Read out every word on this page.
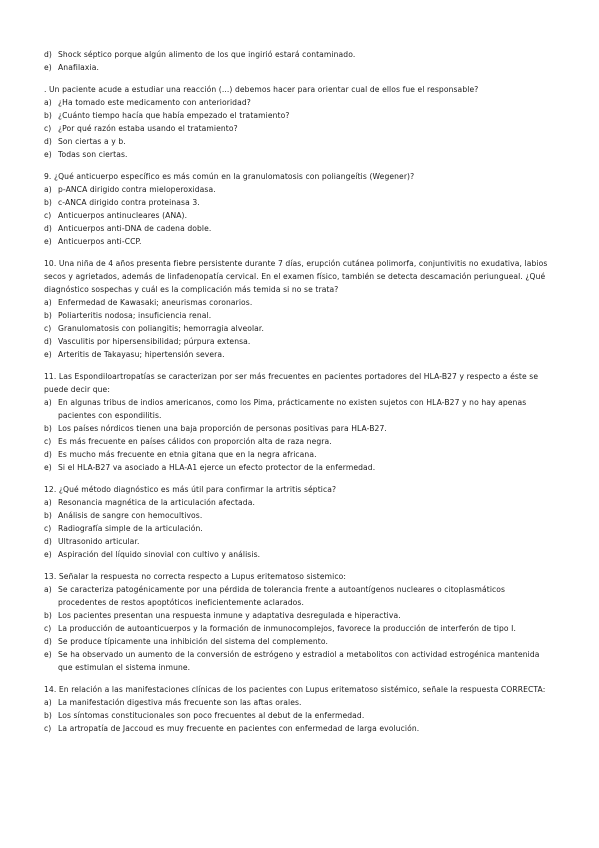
d) Shock séptico porque algún alimento de los que ingirió estará contaminado.
e) Anafilaxia.

. Un paciente acude a estudiar una reacción (...) debemos hacer para orientar cual de ellos fue el responsable?

a) ¿Ha tomado este medicamento con anterioridad?
b) ¿Cuánto tiempo hacía que había empezado el tratamiento?
c) ¿Por qué razón estaba usando el tratamiento?
d) Son ciertas a y b.
e) Todas son ciertas.

9. ¿Qué anticuerpo específico es más común en la granulomatosis con poliangeítis (Wegener)?

a) p-ANCA dirigido contra mieloperoxidasa.
b) c-ANCA dirigido contra proteinasa 3.
c) Anticuerpos antinucleares (ANA).
d) Anticuerpos anti-DNA de cadena doble.
e) Anticuerpos anti-CCP.

10. Una niña de 4 años presenta fiebre persistente durante 7 días, erupción cutánea polimorfa, conjuntivitis no exudativa, labios secos y agrietados, además de linfadenopatía cervical. En el examen físico, también se detecta descamación periungueal. ¿Qué diagnóstico sospechas y cuál es la complicación más temida si no se trata?

a) Enfermedad de Kawasaki; aneurismas coronarios.
b) Poliarteritis nodosa; insuficiencia renal.
c) Granulomatosis con poliangitis; hemorragia alveolar.
d) Vasculitis por hipersensibilidad; púrpura extensa.
e) Arteritis de Takayasu; hipertensión severa.

11. Las Espondiloartropatías se caracterizan por ser más frecuentes en pacientes portadores del HLA-B27 y respecto a éste se puede decir que:

a) En algunas tribus de indios americanos, como los Pima, prácticamente no existen sujetos con HLA-B27 y no hay apenas pacientes con espondilitis.
b) Los países nórdicos tienen una baja proporción de personas positivas para HLA-B27.
c) Es más frecuente en países cálidos con proporción alta de raza negra.
d) Es mucho más frecuente en etnia gitana que en la negra africana.
e) Si el HLA-B27 va asociado a HLA-A1 ejerce un efecto protector de la enfermedad.

12. ¿Qué método diagnóstico es más útil para confirmar la artritis séptica?

a) Resonancia magnética de la articulación afectada.
b) Análisis de sangre con hemocultivos.
c) Radiografía simple de la articulación.
d) Ultrasonido articular.
e) Aspiración del líquido sinovial con cultivo y análisis.

13. Señalar la respuesta no correcta respecto a Lupus eritematoso sistemico:

a) Se caracteriza patogénicamente por una pérdida de tolerancia frente a autoantígenos nucleares o citoplasmáticos procedentes de restos apoptóticos ineficientemente aclarados.
b) Los pacientes presentan una respuesta inmune y adaptativa desregulada e hiperactiva.
c) La producción de autoanticuerpos y la formación de inmunocomplejos, favorece la producción de interferón de tipo I.
d) Se produce típicamente una inhibición del sistema del complemento.
e) Se ha observado un aumento de la conversión de estrógeno y estradiol a metabolitos con actividad estrogénica mantenida que estimulan el sistema inmune.

14. En relación a las manifestaciones clínicas de los pacientes con Lupus eritematoso sistémico, señale la respuesta CORRECTA:

a) La manifestación digestiva más frecuente son las aftas orales.
b) Los síntomas constitucionales son poco frecuentes al debut de la enfermedad.
c) La artropatía de Jaccoud es muy frecuente en pacientes con enfermedad de larga evolución.
